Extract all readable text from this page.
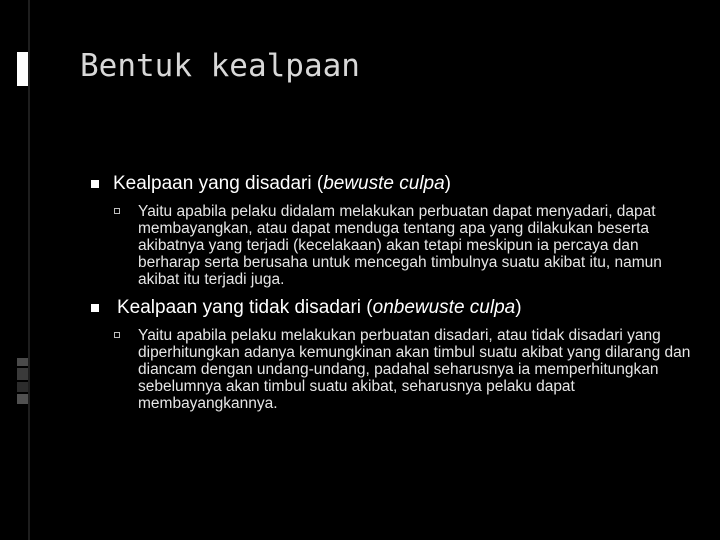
Bentuk kealpaan
Kealpaan yang disadari (bewuste culpa)
Yaitu apabila pelaku didalam melakukan perbuatan dapat menyadari, dapat membayangkan, atau dapat menduga tentang apa yang dilakukan beserta akibatnya yang terjadi (kecelakaan) akan tetapi meskipun ia percaya dan berharap serta berusaha untuk mencegah timbulnya suatu akibat itu, namun akibat itu terjadi juga.
Kealpaan yang tidak disadari (onbewuste culpa)
Yaitu apabila pelaku melakukan perbuatan disadari, atau tidak disadari yang diperhitungkan adanya kemungkinan akan timbul suatu akibat yang dilarang dan diancam dengan undang-undang, padahal seharusnya ia memperhitungkan sebelumnya akan timbul suatu akibat, seharusnya pelaku dapat membayangkannya.
